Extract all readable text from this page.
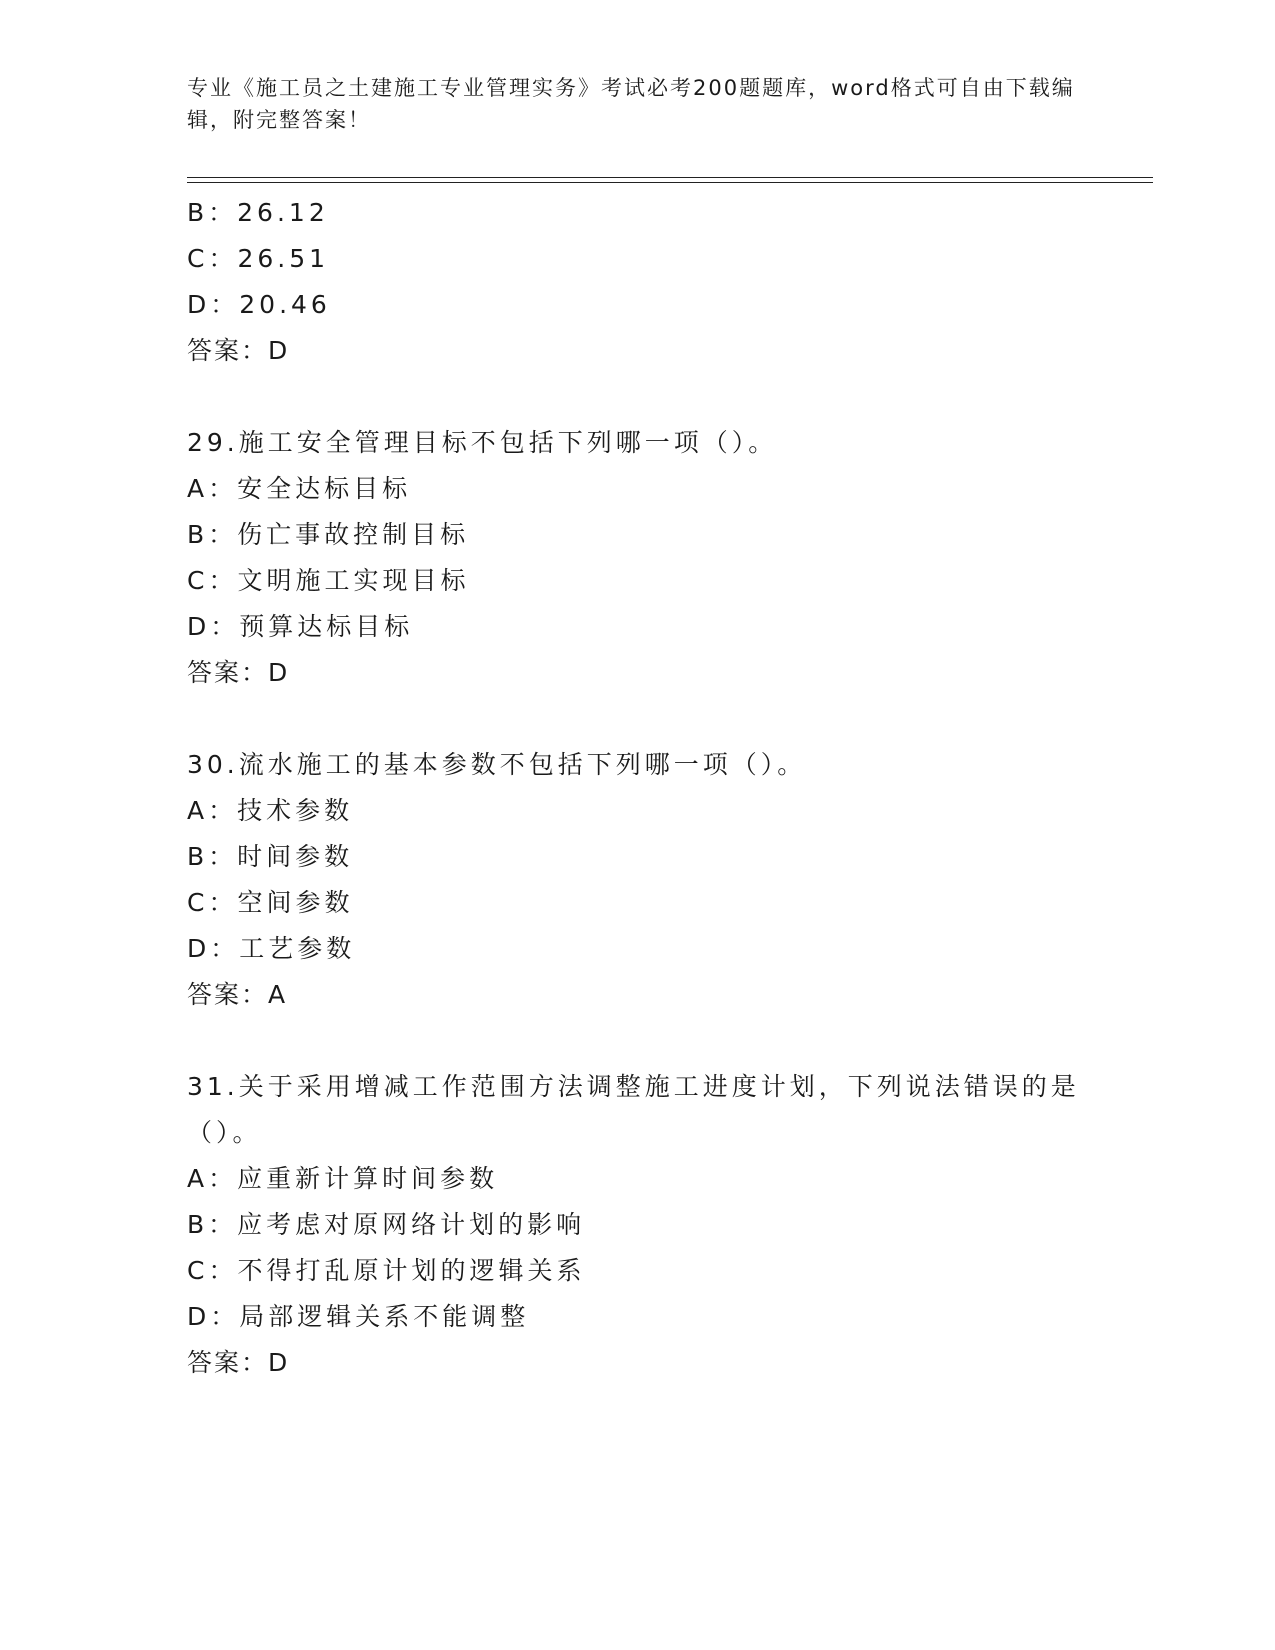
专业《施工员之土建施工专业管理实务》考试必考200题题库，word格式可自由下载编辑，附完整答案！
B：26.12
C：26.51
D：20.46
答案：D
29.施工安全管理目标不包括下列哪一项（）。
A：安全达标目标
B：伤亡事故控制目标
C：文明施工实现目标
D：预算达标目标
答案：D
30.流水施工的基本参数不包括下列哪一项（）。
A：技术参数
B：时间参数
C：空间参数
D：工艺参数
答案：A
31.关于采用增减工作范围方法调整施工进度计划，下列说法错误的是（）。
A：应重新计算时间参数
B：应考虑对原网络计划的影响
C：不得打乱原计划的逻辑关系
D：局部逻辑关系不能调整
答案：D
